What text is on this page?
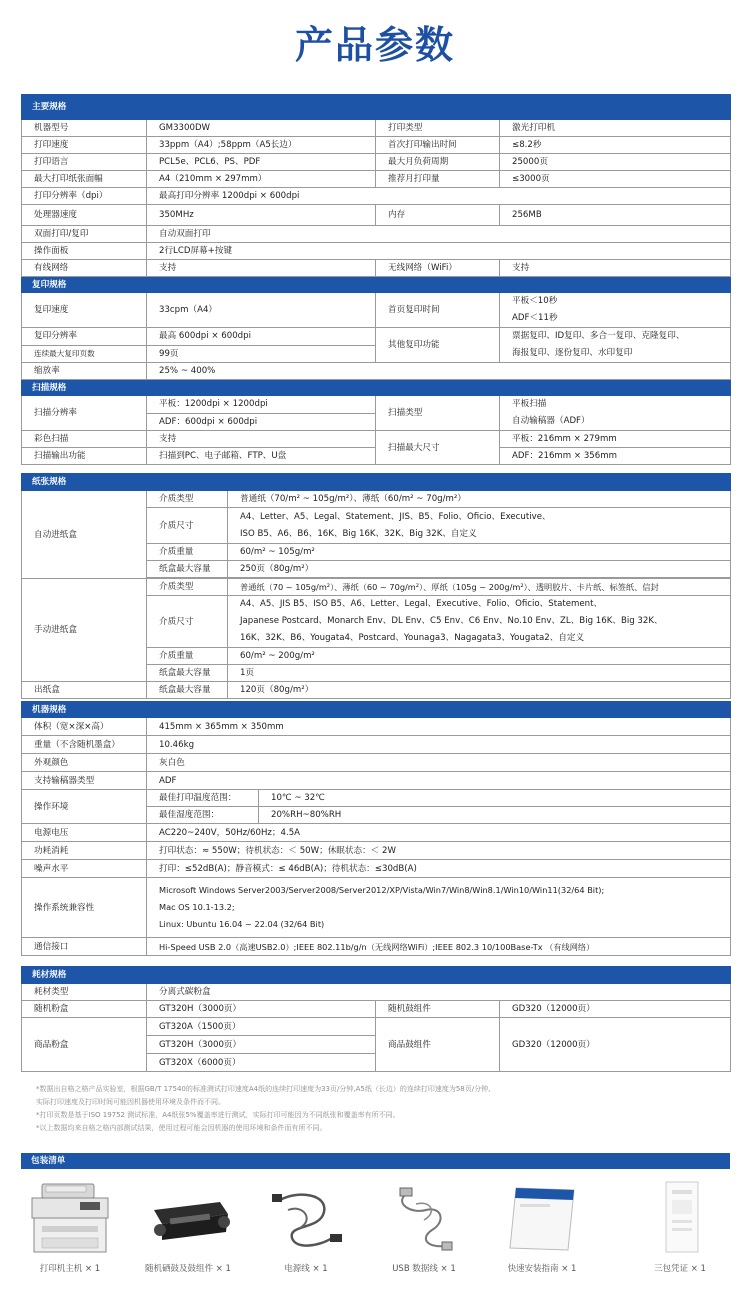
产品参数
主要规格			
机器型号	GM3300DW	打印类型	激光打印机
打印速度	33ppm（A4）;58ppm（A5长边）	首次打印输出时间	≤8.2秒
打印语言	PCL5e、PCL6、PS、PDF	最大月负荷周期	25000页
最大打印纸张面幅	A4（210mm × 297mm）	推荐月打印量	≤3000页
打印分辨率（dpi）	最高打印分辨率 1200dpi × 600dpi		
处理器速度	350MHz	内存	256MB
双面打印/复印	自动双面打印		
操作面板	2行LCD屏幕+按键		
有线网络	支持	无线网络（WiFi）	支持
复印规格			
复印速度	33cpm（A4）	首页复印时间	平板＜10秒
ADF＜11秒

复印分辨率	最高 600dpi × 600dpi	其他复印功能	票据复印、ID复印、多合一复印、克隆复印、
海报复印、逐份复印、水印复印

连续最大复印页数	99页		
缩放率	25% ~ 400%		
扫描规格			
扫描分辨率	平板：1200dpi × 1200dpi	扫描类型	平板扫描
自动输稿器（ADF）

	ADF：600dpi × 600dpi		
彩色扫描	支持	扫描最大尺寸	平板：216mm × 279mm
扫描输出功能	扫描到PC、电子邮箱、FTP、U盘		ADF：216mm × 356mm
纸张规格		
自动进纸盒	介质类型	普通纸（70/m² ~ 105g/m²）、薄纸（60/m² ~ 70g/m²）
	介质尺寸	A4、Letter、A5、Legal、Statement、JIS、B5、Folio、Oficio、Executive、
ISO B5、A6、B6、16K、Big 16K、32K、Big 32K、自定义

	介质重量	60/m² ~ 105g/m²
	纸盒最大容量	250页（80g/m²）

手动进纸盒	介质类型	普通纸（70 ~ 105g/m²）、薄纸（60 ~ 70g/m²）、厚纸（105g ~ 200g/m²）、透明胶片、卡片纸、标签纸、信封
	介质尺寸	A4、A5、JIS B5、ISO B5、A6、Letter、Legal、Executive、Folio、Oficio、Statement、
Japanese Postcard、Monarch Env、DL Env、C5 Env、C6 Env、No.10 Env、ZL、Big 16K、Big 32K、
16K、32K、B6、Yougata4、Postcard、Younaga3、Nagagata3、Yougata2、自定义

	介质重量	60/m² ~ 200g/m²
	纸盒最大容量	1页
出纸盒	纸盒最大容量	120页（80g/m²）
机器规格		
体积（宽×深×高）	415mm × 365mm × 350mm	
重量（不含随机墨盒）	10.46kg	
外观颜色	灰白色	
支持输稿器类型	ADF	
操作环境	最佳打印温度范围：	10℃ ~ 32℃
	最佳湿度范围：	20%RH~80%RH
电源电压	AC220~240V，50Hz/60Hz；4.5A	
功耗消耗	打印状态：≈ 550W；待机状态：＜ 50W；休眠状态：＜ 2W	
噪声水平	打印：≤52dB(A)；静音模式：≤ 46dB(A)；待机状态：≤30dB(A)	
操作系统兼容性	Microsoft Windows Server2003/Server2008/Server2012/XP/Vista/Win7/Win8/Win8.1/Win10/Win11(32/64 Bit);
Mac OS 10.1-13.2;
Linux: Ubuntu 16.04 ~ 22.04 (32/64 Bit)	

通信接口	Hi-Speed USB 2.0（高速USB2.0）;IEEE 802.11b/g/n（无线网络WiFi）;IEEE 802.3 10/100Base-Tx （有线网络）	
耗材规格			
耗材类型	分离式碳粉盒		
随机粉盒	GT320H（3000页）	随机鼓组件	GD320（12000页）
商品粉盒	GT320A（1500页）	商品鼓组件	GD320（12000页）
	GT320H（3000页）		
	GT320X（6000页）		
*数据出自格之格产品实验室，根据GB/T 17540的标准测试打印速度A4纸的连续打印速度为33页/分钟,A5纸（长边）的连续打印速度为58页/分钟,
实际打印速度及打印时间可能因机器使用环境及条件而不同。
*打印页数是基于ISO 19752 测试标准，A4纸张5%覆盖率进行测试，实际打印可能因为不同纸张和覆盖率有所不同。
*以上数据均来自格之格内部测试结果，使用过程可能会因机器的使用环境和条件而有所不同。
包装清单
打印机主机 × 1	随机硒鼓及鼓组件 × 1	电源线 × 1	USB 数据线 × 1	快速安装指南 × 1	三包凭证 × 1
